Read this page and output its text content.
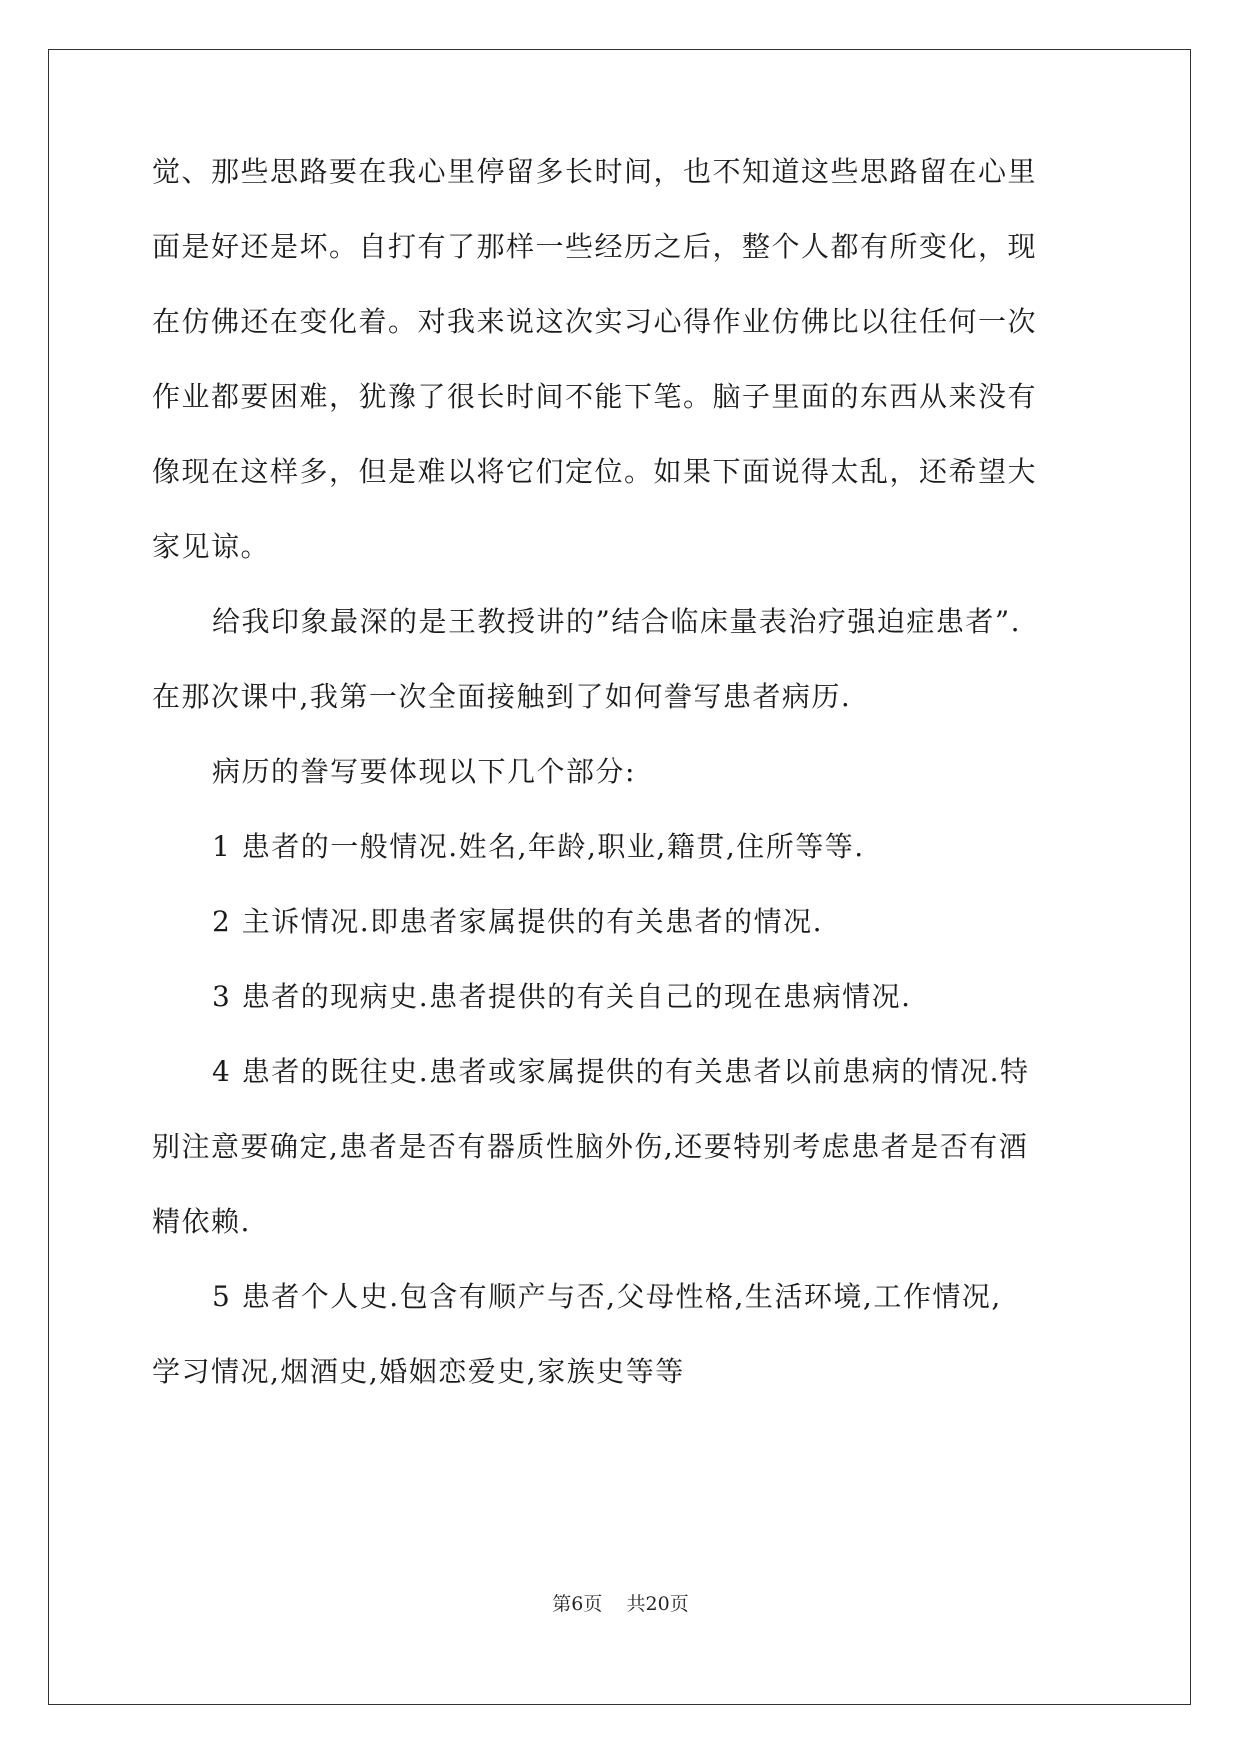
觉、那些思路要在我心里停留多长时间，也不知道这些思路留在心里

面是好还是坏。自打有了那样一些经历之后，整个人都有所变化，现

在仿佛还在变化着。对我来说这次实习心得作业仿佛比以往任何一次

作业都要困难，犹豫了很长时间不能下笔。脑子里面的东西从来没有

像现在这样多，但是难以将它们定位。如果下面说得太乱，还希望大

家见谅。

给我印象最深的是王教授讲的”结合临床量表治疗强迫症患者”.

在那次课中,我第一次全面接触到了如何誊写患者病历.

病历的誊写要体现以下几个部分:

1 患者的一般情况.姓名,年龄,职业,籍贯,住所等等.

2 主诉情况.即患者家属提供的有关患者的情况.

3 患者的现病史.患者提供的有关自己的现在患病情况.

4 患者的既往史.患者或家属提供的有关患者以前患病的情况.特

别注意要确定,患者是否有器质性脑外伤,还要特别考虑患者是否有酒

精依赖.

5 患者个人史.包含有顺产与否,父母性格,生活环境,工作情况,

学习情况,烟酒史,婚姻恋爱史,家族史等等

第6页 共20页
